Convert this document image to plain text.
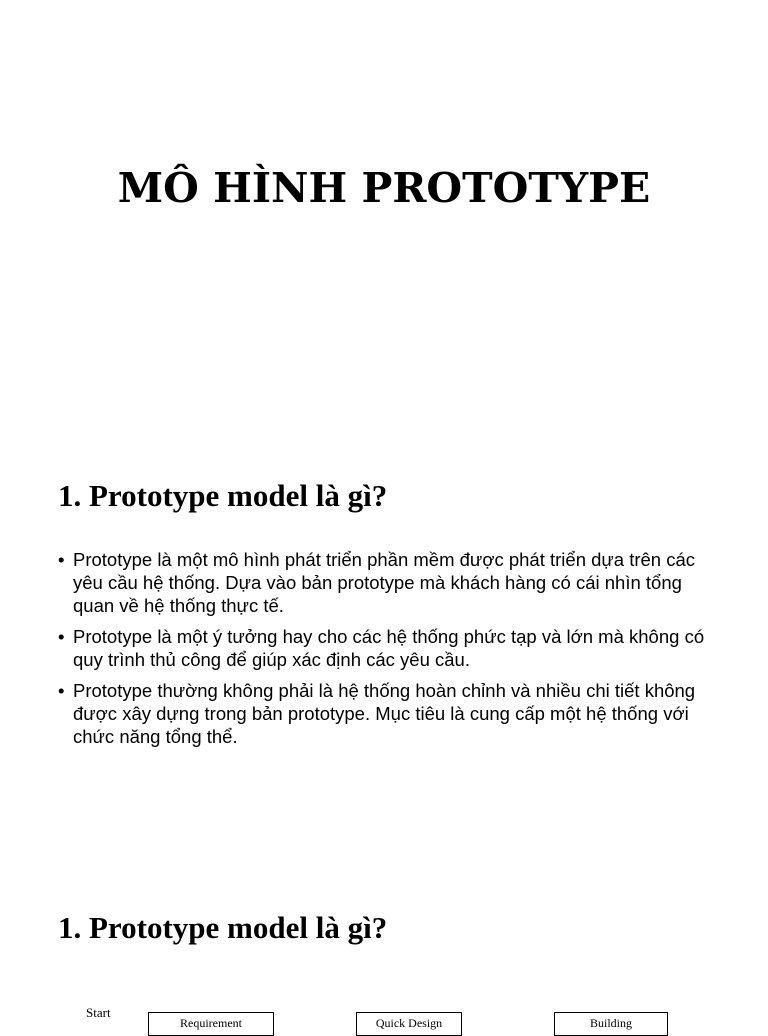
MÔ HÌNH PROTOTYPE
1. Prototype model là gì?
• Prototype là một mô hình phát triển phần mềm được phát triển dựa trên các yêu cầu hệ thống. Dựa vào bản prototype mà khách hàng có cái nhìn tổng quan về hệ thống thực tế.
• Prototype là một ý tưởng hay cho các hệ thống phức tạp và lớn mà không có quy trình thủ công để giúp xác định các yêu cầu.
• Prototype thường không phải là hệ thống hoàn chỉnh và nhiều chi tiết không được xây dựng trong bản prototype. Mục tiêu là cung cấp một hệ thống với chức năng tổng thể.
1. Prototype model là gì?
Start
Requirement	Quick Design	Building
